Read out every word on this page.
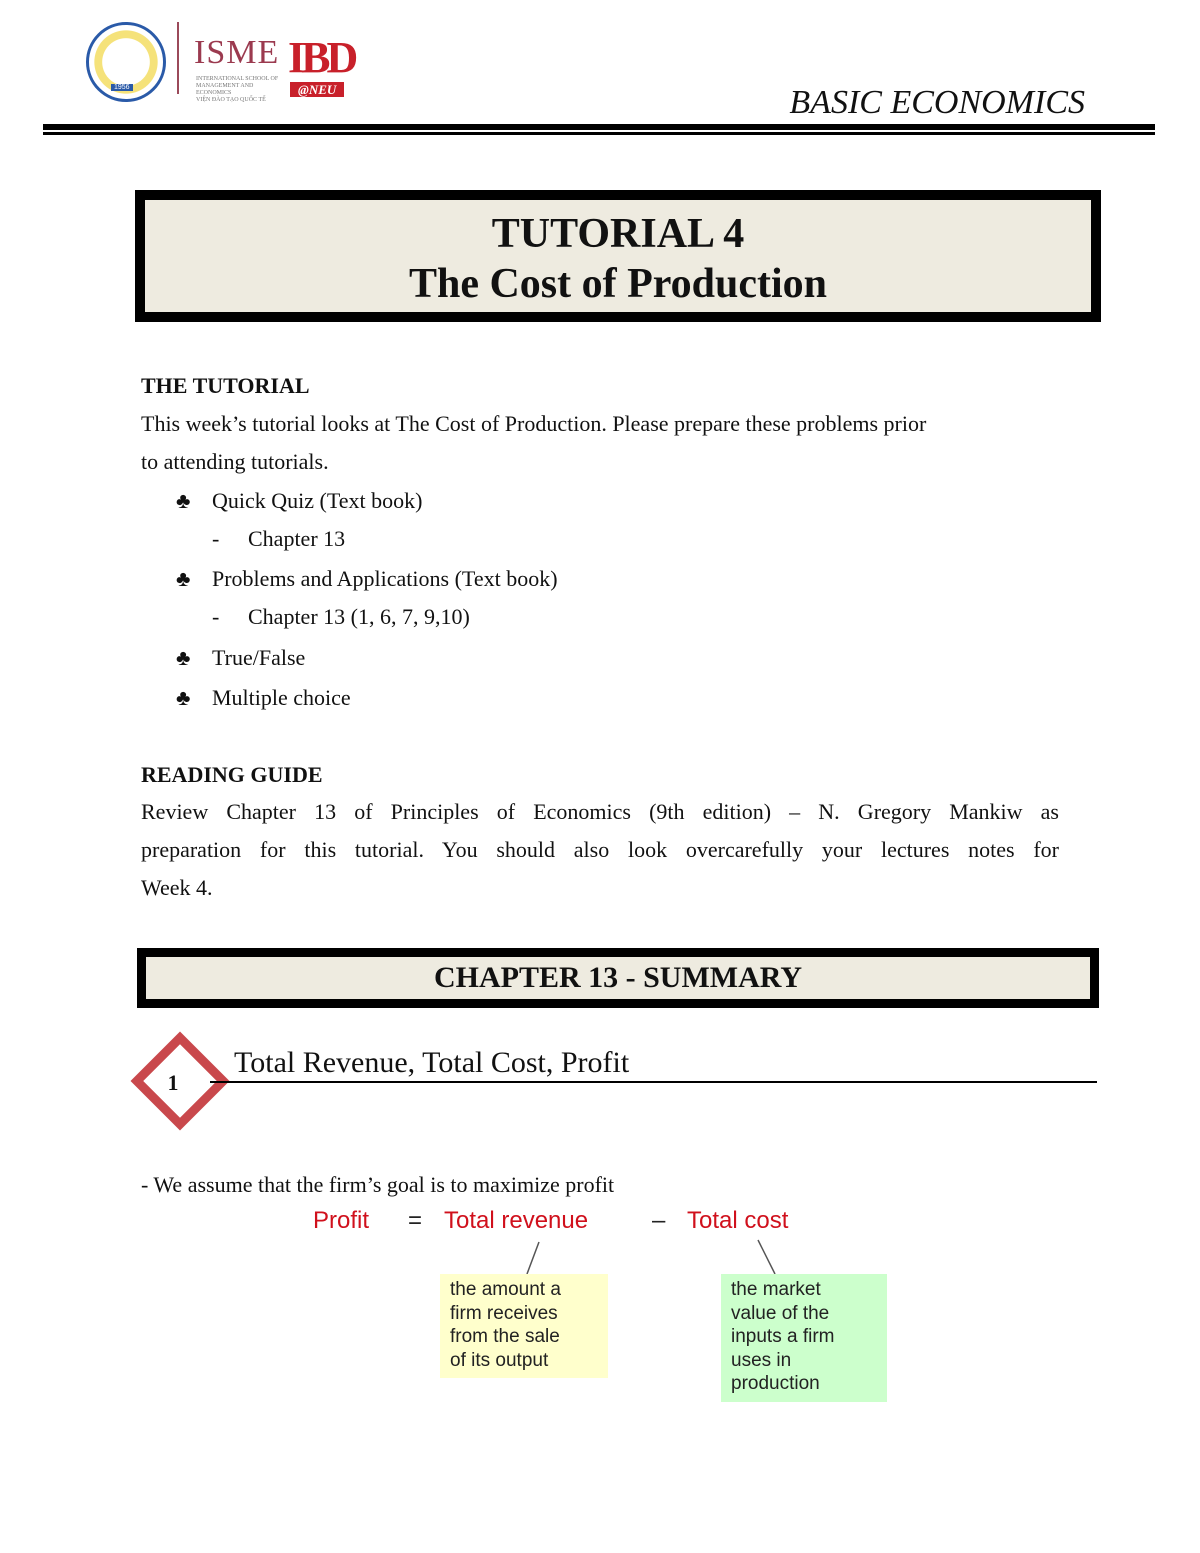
1956
ISME
INTERNATIONAL SCHOOL OF MANAGEMENT AND ECONOMICS
VIỆN ĐÀO TẠO QUỐC TẾ
IBD
@NEU	BASIC ECONOMICS
TUTORIAL 4
The Cost of Production
THE TUTORIAL
This week’s tutorial looks at The Cost of Production. Please prepare these problems prior
to attending tutorials.
♣ Quick Quiz (Text book)
- Chapter 13
♣ Problems and Applications (Text book)
- Chapter 13 (1, 6, 7, 9,10)
♣ True/False
♣ Multiple choice
READING GUIDE
Review Chapter 13 of Principles of Economics (9th edition) – N. Gregory Mankiw as
preparation for this tutorial. You should also look overcarefully your lectures notes for
Week 4.
CHAPTER 13 - SUMMARY
1
Total Revenue, Total Cost, Profit
- We assume that the firm’s goal is to maximize profit
Profit = Total revenue	– Total cost
the amount a
firm receives
from the sale
of its output
the market
value of the
inputs a firm
uses in
production
